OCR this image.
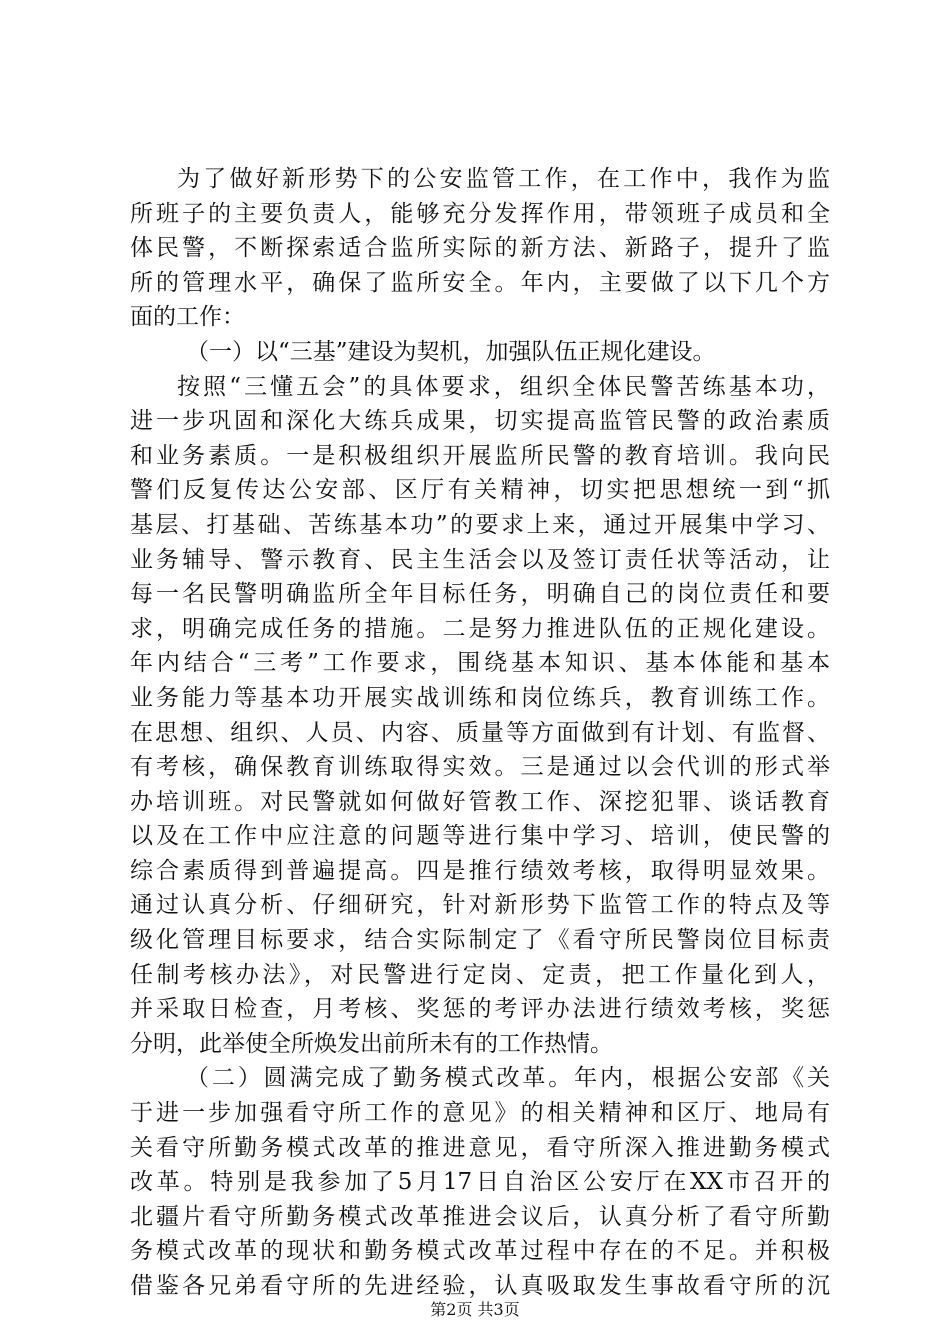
为了做好新形势下的公安监管工作，在工作中，我作为监
所班子的主要负责人，能够充分发挥作用，带领班子成员和全
体民警，不断探索适合监所实际的新方法、新路子，提升了监
所的管理水平，确保了监所安全。年内，主要做了以下几个方
面的工作：
（一）以“三基”建设为契机，加强队伍正规化建设。
按照“三懂五会”的具体要求，组织全体民警苦练基本功，
进一步巩固和深化大练兵成果，切实提高监管民警的政治素质
和业务素质。一是积极组织开展监所民警的教育培训。我向民
警们反复传达公安部、区厅有关精神，切实把思想统一到“抓
基层、打基础、苦练基本功”的要求上来，通过开展集中学习、
业务辅导、警示教育、民主生活会以及签订责任状等活动，让
每一名民警明确监所全年目标任务，明确自己的岗位责任和要
求，明确完成任务的措施。二是努力推进队伍的正规化建设。
年内结合“三考”工作要求，围绕基本知识、基本体能和基本
业务能力等基本功开展实战训练和岗位练兵，教育训练工作。
在思想、组织、人员、内容、质量等方面做到有计划、有监督、
有考核，确保教育训练取得实效。三是通过以会代训的形式举
办培训班。对民警就如何做好管教工作、深挖犯罪、谈话教育
以及在工作中应注意的问题等进行集中学习、培训，使民警的
综合素质得到普遍提高。四是推行绩效考核，取得明显效果。
通过认真分析、仔细研究，针对新形势下监管工作的特点及等
级化管理目标要求，结合实际制定了《看守所民警岗位目标责
任制考核办法》，对民警进行定岗、定责，把工作量化到人，
并采取日检查，月考核、奖惩的考评办法进行绩效考核，奖惩
分明，此举使全所焕发出前所未有的工作热情。
（二）圆满完成了勤务模式改革。年内，根据公安部《关
于进一步加强看守所工作的意见》的相关精神和区厅、地局有
关看守所勤务模式改革的推进意见，看守所深入推进勤务模式
改革。特别是我参加了5月17日自治区公安厅在XX市召开的
北疆片看守所勤务模式改革推进会议后，认真分析了看守所勤
务模式改革的现状和勤务模式改革过程中存在的不足。并积极
借鉴各兄弟看守所的先进经验，认真吸取发生事故看守所的沉
第2页 共3页
